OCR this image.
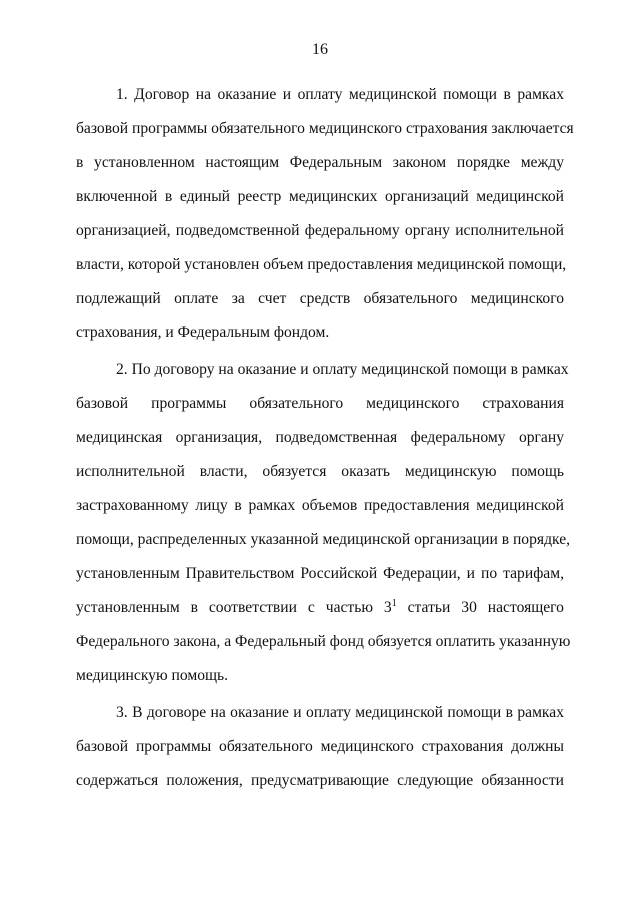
16
1. Договор на оказание и оплату медицинской помощи в рамках
базовой программы обязательного медицинского страхования заключается
в установленном настоящим Федеральным законом порядке между
включенной в единый реестр медицинских организаций медицинской
организацией, подведомственной федеральному органу исполнительной
власти, которой установлен объем предоставления медицинской помощи,
подлежащий оплате за счет средств обязательного медицинского
страхования, и Федеральным фондом.
2. По договору на оказание и оплату медицинской помощи в рамках
базовой программы обязательного медицинского страхования
медицинская организация, подведомственная федеральному органу
исполнительной власти, обязуется оказать медицинскую помощь
застрахованному лицу в рамках объемов предоставления медицинской
помощи, распределенных указанной медицинской организации в порядке,
установленным Правительством Российской Федерации, и по тарифам,
установленным в соответствии с частью $3^1$ статьи 30 настоящего
Федерального закона, а Федеральный фонд обязуется оплатить указанную
медицинскую помощь.
3. В договоре на оказание и оплату медицинской помощи в рамках
базовой программы обязательного медицинского страхования должны
содержаться положения, предусматривающие следующие обязанности
